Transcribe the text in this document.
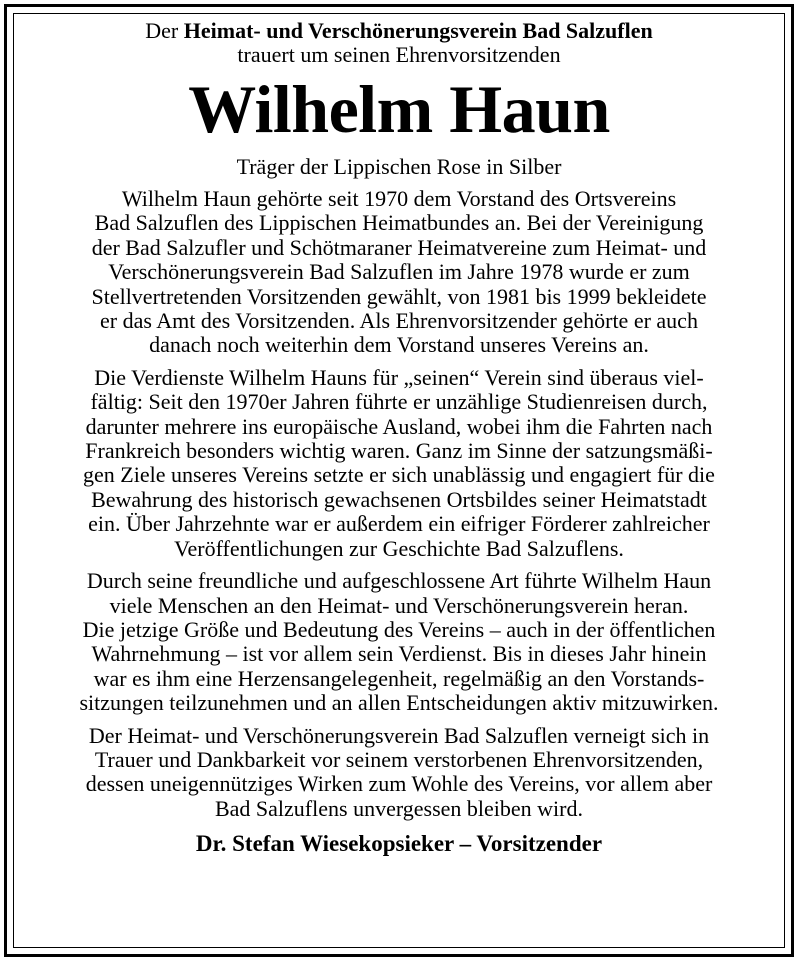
Der Heimat- und Verschönerungsverein Bad Salzuflen
trauert um seinen Ehrenvorsitzenden
Wilhelm Haun
Träger der Lippischen Rose in Silber
Wilhelm Haun gehörte seit 1970 dem Vorstand des Ortsvereins
Bad Salzuflen des Lippischen Heimatbundes an. Bei der Vereinigung
der Bad Salzufler und Schötmaraner Heimatvereine zum Heimat- und
Verschönerungsverein Bad Salzuflen im Jahre 1978 wurde er zum
Stellvertretenden Vorsitzenden gewählt, von 1981 bis 1999 bekleidete
er das Amt des Vorsitzenden. Als Ehrenvorsitzender gehörte er auch
danach noch weiterhin dem Vorstand unseres Vereins an.
Die Verdienste Wilhelm Hauns für „seinen“ Verein sind überaus viel-
fältig: Seit den 1970er Jahren führte er unzählige Studienreisen durch,
darunter mehrere ins europäische Ausland, wobei ihm die Fahrten nach
Frankreich besonders wichtig waren. Ganz im Sinne der satzungsmäßi-
gen Ziele unseres Vereins setzte er sich unablässig und engagiert für die
Bewahrung des historisch gewachsenen Ortsbildes seiner Heimatstadt
ein. Über Jahrzehnte war er außerdem ein eifriger Förderer zahlreicher
Veröffentlichungen zur Geschichte Bad Salzuflens.
Durch seine freundliche und aufgeschlossene Art führte Wilhelm Haun
viele Menschen an den Heimat- und Verschönerungsverein heran.
Die jetzige Größe und Bedeutung des Vereins – auch in der öffentlichen
Wahrnehmung – ist vor allem sein Verdienst. Bis in dieses Jahr hinein
war es ihm eine Herzensangelegenheit, regelmäßig an den Vorstands-
sitzungen teilzunehmen und an allen Entscheidungen aktiv mitzuwirken.
Der Heimat- und Verschönerungsverein Bad Salzuflen verneigt sich in
Trauer und Dankbarkeit vor seinem verstorbenen Ehrenvorsitzenden,
dessen uneigennütziges Wirken zum Wohle des Vereins, vor allem aber
Bad Salzuflens unvergessen bleiben wird.
Dr. Stefan Wiesekopsieker – Vorsitzender
